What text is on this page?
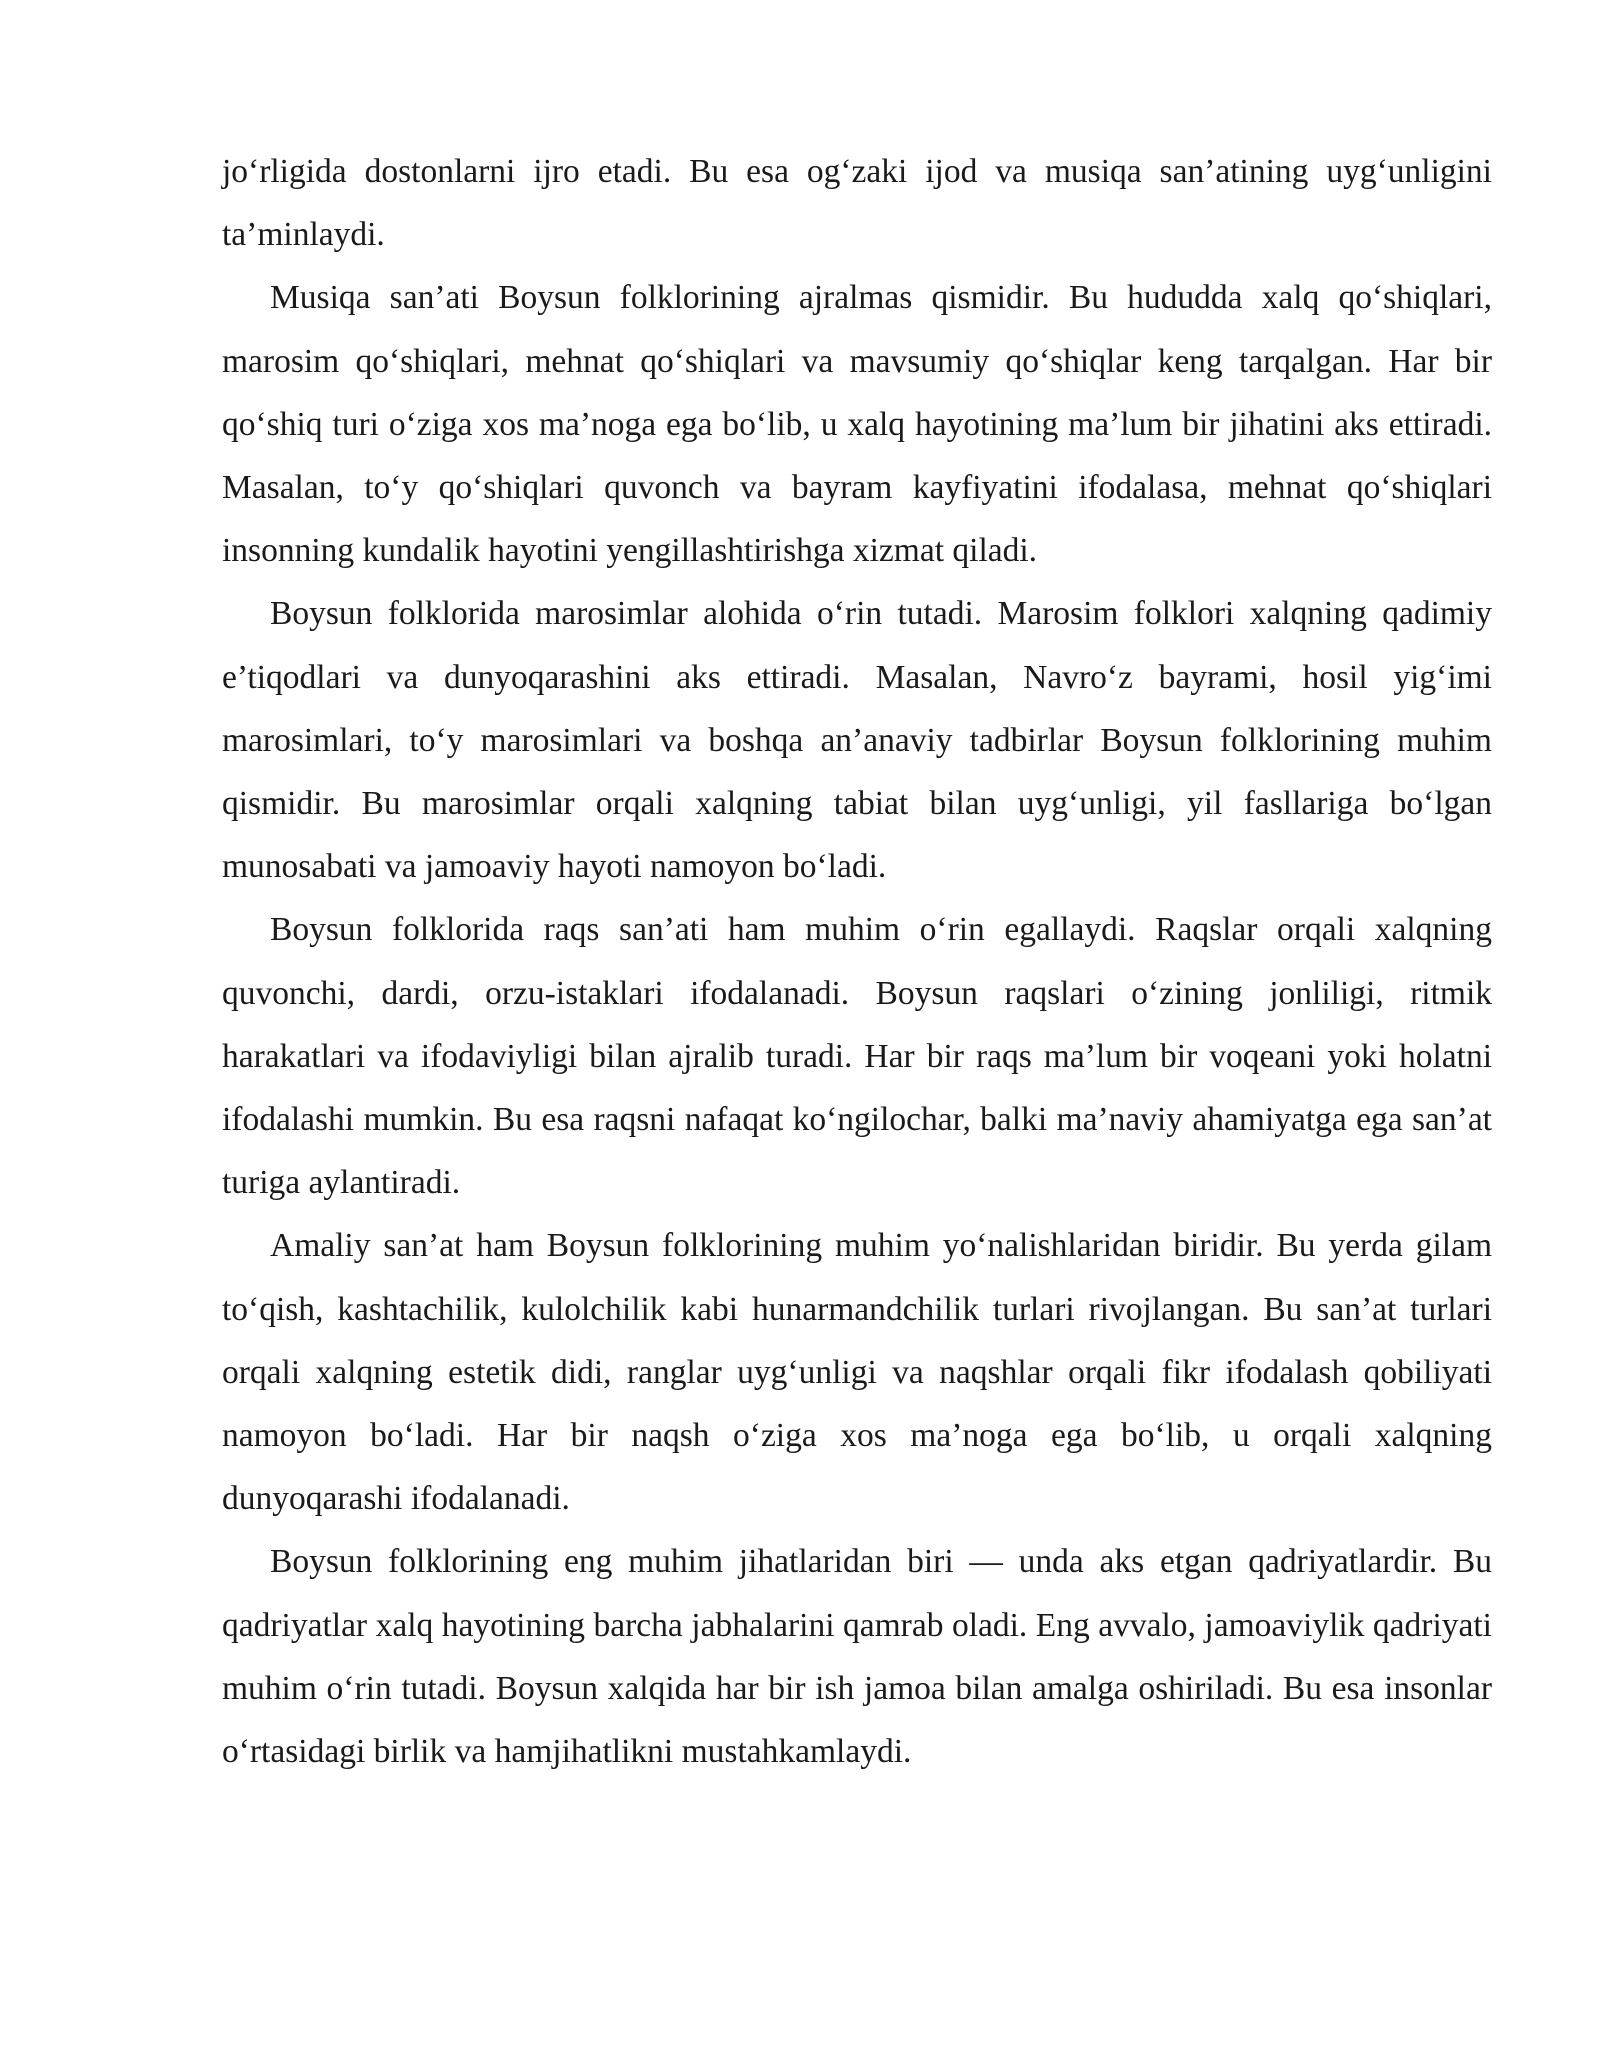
jo‘rligida dostonlarni ijro etadi. Bu esa og‘zaki ijod va musiqa san’atining uyg‘unligini ta’minlaydi.

Musiqa san’ati Boysun folklorining ajralmas qismidir. Bu hududda xalq qo‘shiqlari, marosim qo‘shiqlari, mehnat qo‘shiqlari va mavsumiy qo‘shiqlar keng tarqalgan. Har bir qo‘shiq turi o‘ziga xos ma’noga ega bo‘lib, u xalq hayotining ma’lum bir jihatini aks ettiradi. Masalan, to‘y qo‘shiqlari quvonch va bayram kayfiyatini ifodalasa, mehnat qo‘shiqlari insonning kundalik hayotini yengillashtirishga xizmat qiladi.

Boysun folklorida marosimlar alohida o‘rin tutadi. Marosim folklori xalqning qadimiy e’tiqodlari va dunyoqarashini aks ettiradi. Masalan, Navro‘z bayrami, hosil yig‘imi marosimlari, to‘y marosimlari va boshqa an’anaviy tadbirlar Boysun folklorining muhim qismidir. Bu marosimlar orqali xalqning tabiat bilan uyg‘unligi, yil fasllariga bo‘lgan munosabati va jamoaviy hayoti namoyon bo‘ladi.

Boysun folklorida raqs san’ati ham muhim o‘rin egallaydi. Raqslar orqali xalqning quvonchi, dardi, orzu-istaklari ifodalanadi. Boysun raqslari o‘zining jonliligi, ritmik harakatlari va ifodaviyligi bilan ajralib turadi. Har bir raqs ma’lum bir voqeani yoki holatni ifodalashi mumkin. Bu esa raqsni nafaqat ko‘ngilochar, balki ma’naviy ahamiyatga ega san’at turiga aylantiradi.

Amaliy san’at ham Boysun folklorining muhim yo‘nalishlaridan biridir. Bu yerda gilam to‘qish, kashtachilik, kulolchilik kabi hunarmandchilik turlari rivojlangan. Bu san’at turlari orqali xalqning estetik didi, ranglar uyg‘unligi va naqshlar orqali fikr ifodalash qobiliyati namoyon bo‘ladi. Har bir naqsh o‘ziga xos ma’noga ega bo‘lib, u orqali xalqning dunyoqarashi ifodalanadi.

Boysun folklorining eng muhim jihatlaridan biri — unda aks etgan qadriyatlardir. Bu qadriyatlar xalq hayotining barcha jabhalarini qamrab oladi. Eng avvalo, jamoaviylik qadriyati muhim o‘rin tutadi. Boysun xalqida har bir ish jamoa bilan amalga oshiriladi. Bu esa insonlar o‘rtasidagi birlik va hamjihatlikni mustahkamlaydi.
